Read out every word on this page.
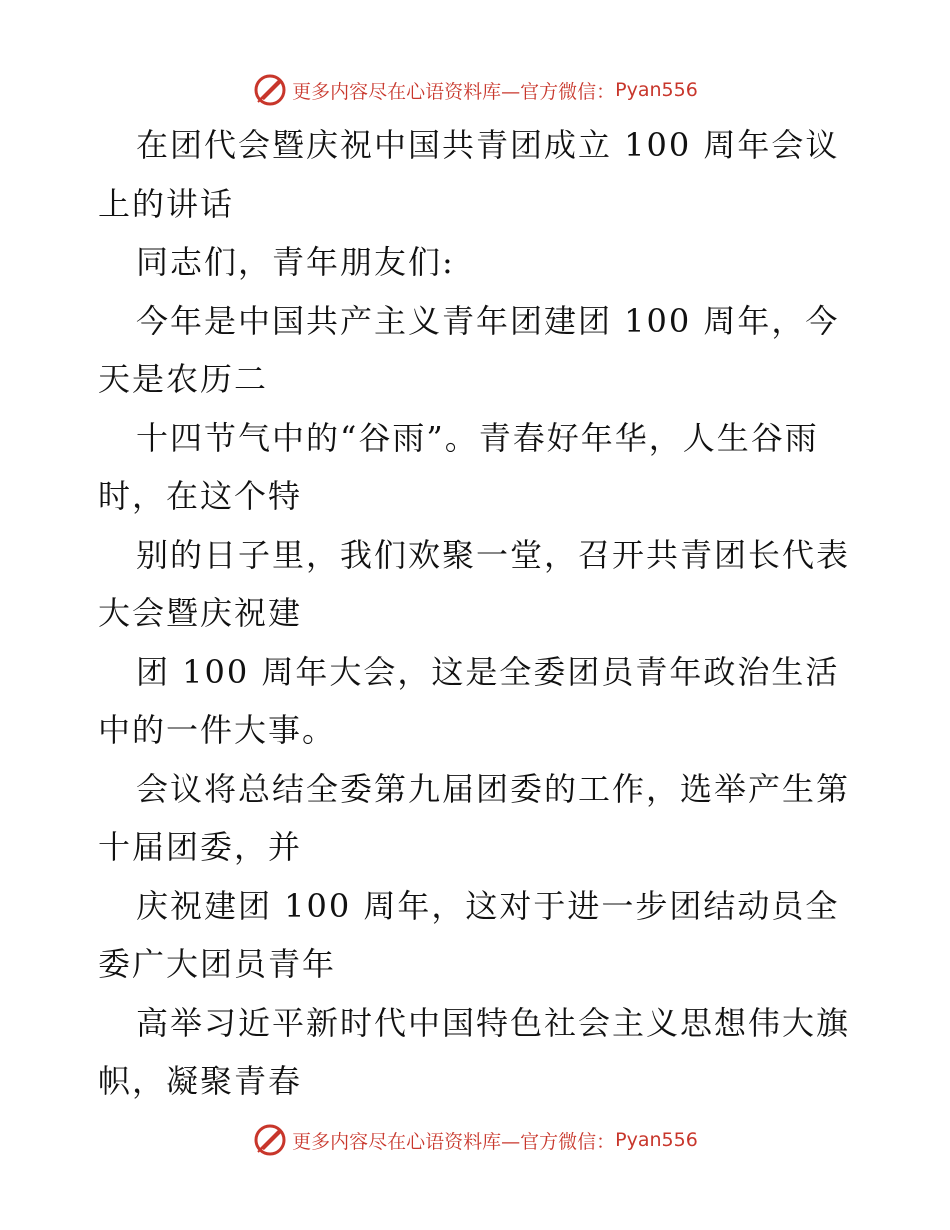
更多内容尽在心语资料库—官方微信： Pyan556
在团代会暨庆祝中国共青团成立 100 周年会议
上的讲话
同志们，青年朋友们:
今年是中国共产主义青年团建团 100 周年，今
天是农历二
十四节气中的“谷雨”。青春好年华，人生谷雨
时，在这个特
别的日子里，我们欢聚一堂，召开共青团长代表
大会暨庆祝建
团 100 周年大会，这是全委团员青年政治生活
中的一件大事。
会议将总结全委第九届团委的工作，选举产生第
十届团委，并
庆祝建团 100 周年，这对于进一步团结动员全
委广大团员青年
高举习近平新时代中国特色社会主义思想伟大旗
帜，凝聚青春
更多内容尽在心语资料库—官方微信： Pyan556
